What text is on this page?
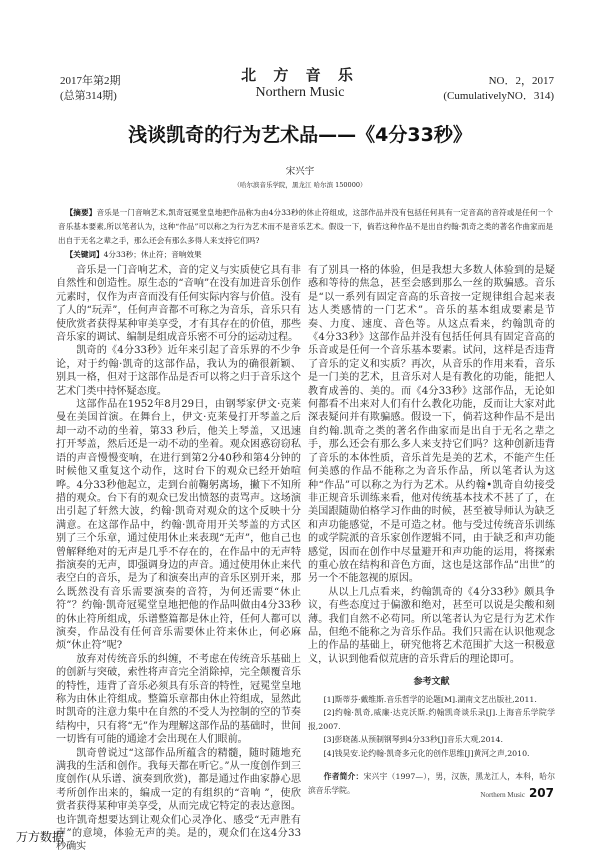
2017年第2期
(总第314期)
北 方 音 乐
Northern Music
NO．2，2017
(CumulativelyNO．314)
浅谈凯奇的行为艺术品——《4分33秒》
宋兴宇
（哈尔滨音乐学院，黑龙江 哈尔滨 150000）
【摘要】音乐是一门音响艺术,凯奇冠冕堂皇地把作品称为由4分33秒的休止符组成，这部作品并没有包括任何具有一定音高的音符或是任何一个音乐基本要素,所以笔者认为，这种“作品”可以称之为行为艺术而不是音乐艺术。假设一下，倘若这种作品不是出自约翰·凯奇之类的著名作曲家而是出自于无名之辈之手，那么还会有那么多得人来支持它们吗?
【关键词】4分33秒；休止符；音响效果

音乐是一门音响艺术，音的定义与实质使它具有非自然性和创造性。原生态的“音响”在没有加进音乐创作元素时，仅作为声音而没有任何实际内容与价值。没有了人的“玩弄”，任何声音都不可称之为音乐，音乐只有使欣赏者获得某种审美享受，才有其存在的价值，那些音乐家的调试、编制是组成音乐密不可分的运动过程。

凯奇的《4分33秒》近年来引起了音乐界的不少争论，对于约翰·凯奇的这部作品，我认为的确很新颖、别具一格，但对于这部作品是否可以将之归于音乐这个艺术门类中持怀疑态度。

这部作品在1952年8月29日，由钢琴家伊文·克莱曼在美国首演。在舞台上，伊文·克莱曼打开琴盖之后却一动不动的坐着，第33 秒后，他关上琴盖，又迅速打开琴盖，然后还是一动不动的坐着。观众困惑窃窃私语的声音慢慢变响，在进行到第2分40秒和第4分钟的时候他又重复这个动作，这时台下的观众已经开始喧哗。4分33秒他起立，走到台前鞠躬离场，撇下不知所措的观众。台下有的观众已发出愤怒的责骂声。这场演出引起了轩然大波，约翰·凯奇对观众的这个反映十分满意。在这部作品中，约翰·凯奇用开关琴盖的方式区别了三个乐章，通过使用休止来表现“无声”，他自己也曾解释绝对的无声是几乎不存在的，在作品中的无声特指演奏的无声，即强调身边的声音。通过使用休止来代表空白的音乐，是为了和演奏出声的音乐区别开来，那么既然没有音乐需要演奏的音符，为何还需要“休止符”？约翰·凯奇冠冕堂皇地把他的作品叫做由4分33秒的休止符所组成，乐谱整篇都是休止符，任何人都可以演奏，作品没有任何音乐需要休止符来休止，何必麻烦“休止符”呢?

放弃对传统音乐的纠缠，不考虑在传统音乐基础上的创新与突破，索性将声音完全消除掉，完全颠覆音乐的特性，违背了音乐必须具有乐音的特性，冠冕堂皇地称为由休止符组成。整篇乐章都由休止符组成，显然此时凯奇的注意力集中在自然的不受人为控制的空的节奏结构中，只有将“无”作为理解这部作品的基础时，世间一切皆有可能的通途才会出现在人们眼前。

凯奇曾说过“这部作品所蕴含的精髓，随时随地充满我的生活和创作。我每天都在听它。”从一度创作到三度创作(从乐谱、演奏到欣赏)，都是通过作曲家静心思考所创作出来的，编成一定的有组织的“音响 ”，使欣赏者获得某种审美享受，从而完成它特定的表达意图。也许凯奇想要达到让观众们心灵净化、感受“无声胜有声”的意境，体验无声的美。是的，观众们在这4分33秒确实

有了别具一格的体验，但是我想大多数人体验到的是疑惑和等待的焦急，甚至会感到那么一丝的欺骗感。音乐是“以一系列有固定音高的乐音按一定规律组合起来表达人类感情的一门艺术”。音乐的基本组成要素是节奏、力度、速度、音色等。从这点看来，约翰凯奇的《4分33秒》这部作品并没有包括任何具有固定音高的乐音或是任何一个音乐基本要素。试问，这样是否违背了音乐的定义和实质？再次，从音乐的作用来看，音乐是一门美的艺术，且音乐对人是有教化的功能，能把人教育成善的、美的。而《4分33秒》这部作品，无论如何都看不出来对人们有什么教化功能，反而让大家对此深表疑问并有欺骗感。假设一下，倘若这种作品不是出自约翰.凯奇之类的著名作曲家而是出自于无名之辈之手，那么还会有那么多人来支持它们吗？这种创新违背了音乐的本体性质，音乐首先是美的艺术，不能产生任何美感的作品不能称之为音乐作品，所以笔者认为这种“作品”可以称之为行为艺术。从约翰•凯奇自幼接受非正规音乐训练来看，他对传统基本技术不甚了了，在美国跟随勋伯格学习作曲的时候，甚至被导师认为缺乏和声功能感觉，不是可造之材。他与受过传统音乐训练的或学院派的音乐家创作逻辑不同，由于缺乏和声功能感觉，因而在创作中尽量避开和声功能的运用，将探索的重心放在结构和音色方面，这也是这部作品“出世”的另一个不能忽视的原因。

从以上几点看来，约翰凯奇的《4分33秒》颇具争议，有些态度过于偏激和绝对，甚至可以说是尖酸和刻薄。我们自然不必苟同。所以笔者认为它是行为艺术作品，但绝不能称之为音乐作品。我们只需在认识他观念上的作品的基础上，研究他将艺术范围扩大这一积极意义，认识到他看似荒唐的音乐背后的理论即可。

参考文献
[1]斯蒂芬·戴维斯.音乐哲学的论题[M].湖南文艺出版社,2011.
[2]约翰·凯奇,威廉·达克沃斯.约翰凯奇谈乐录[J].上海音乐学院学报,2007.
[3]彭晓菡.从预制钢琴到4分33秒[J]音乐大观,2014.
[4]钱昊安.论约翰·凯奇多元化的创作思维[J]黄河之声,2010.
作者简介：宋兴宇（1997—），男，汉族，黑龙江人，本科，哈尔滨音乐学院。	Northern Music 207
万方数据
